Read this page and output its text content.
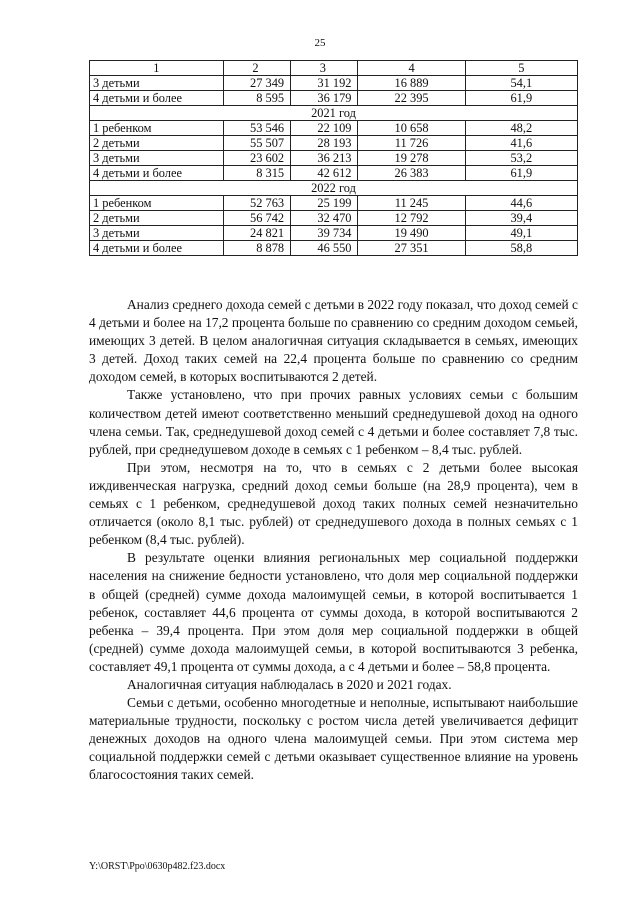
25
1	2	3	4	5
3 детьми	27 349	31 192	16 889	54,1
4 детьми и более	8 595	36 179	22 395	61,9
2021 год				
1 ребенком	53 546	22 109	10 658	48,2
2 детьми	55 507	28 193	11 726	41,6
3 детьми	23 602	36 213	19 278	53,2
4 детьми и более	8 315	42 612	26 383	61,9
2022 год				
1 ребенком	52 763	25 199	11 245	44,6
2 детьми	56 742	32 470	12 792	39,4
3 детьми	24 821	39 734	19 490	49,1
4 детьми и более	8 878	46 550	27 351	58,8

Анализ среднего дохода семей с детьми в 2022 году показал, что доход семей с 4 детьми и более на 17,2 процента больше по сравнению со средним доходом семьей, имеющих 3 детей. В целом аналогичная ситуация складывается в семьях, имеющих 3 детей. Доход таких семей на 22,4 процента больше по сравнению со средним доходом семей, в которых воспитываются 2 детей.

Также установлено, что при прочих равных условиях семьи с большим количеством детей имеют соответственно меньший среднедушевой доход на одного члена семьи. Так, среднедушевой доход семей с 4 детьми и более составляет 7,8 тыс. рублей, при среднедушевом доходе в семьях с 1 ребенком – 8,4 тыс. рублей.

При этом, несмотря на то, что в семьях с 2 детьми более высокая иждивенческая нагрузка, средний доход семьи больше (на 28,9 процента), чем в семьях с 1 ребенком, среднедушевой доход таких полных семей незначительно отличается (около 8,1 тыс. рублей) от среднедушевого дохода в полных семьях с 1 ребенком (8,4 тыс. рублей).

В результате оценки влияния региональных мер социальной поддержки населения на снижение бедности установлено, что доля мер социальной поддержки в общей (средней) сумме дохода малоимущей семьи, в которой воспитывается 1 ребенок, составляет 44,6 процента от суммы дохода, в которой воспитываются 2 ребенка – 39,4 процента. При этом доля мер социальной поддержки в общей (средней) сумме дохода малоимущей семьи, в которой воспитываются 3 ребенка, составляет 49,1 процента от суммы дохода, а с 4 детьми и более – 58,8 процента.

Аналогичная ситуация наблюдалась в 2020 и 2021 годах.

Семьи с детьми, особенно многодетные и неполные, испытывают наибольшие материальные трудности, поскольку с ростом числа детей увеличивается дефицит денежных доходов на одного члена малоимущей семьи. При этом система мер социальной поддержки семей с детьми оказывает существенное влияние на уровень благосостояния таких семей.

Y:\ORST\Ppo\0630p482.f23.docx
